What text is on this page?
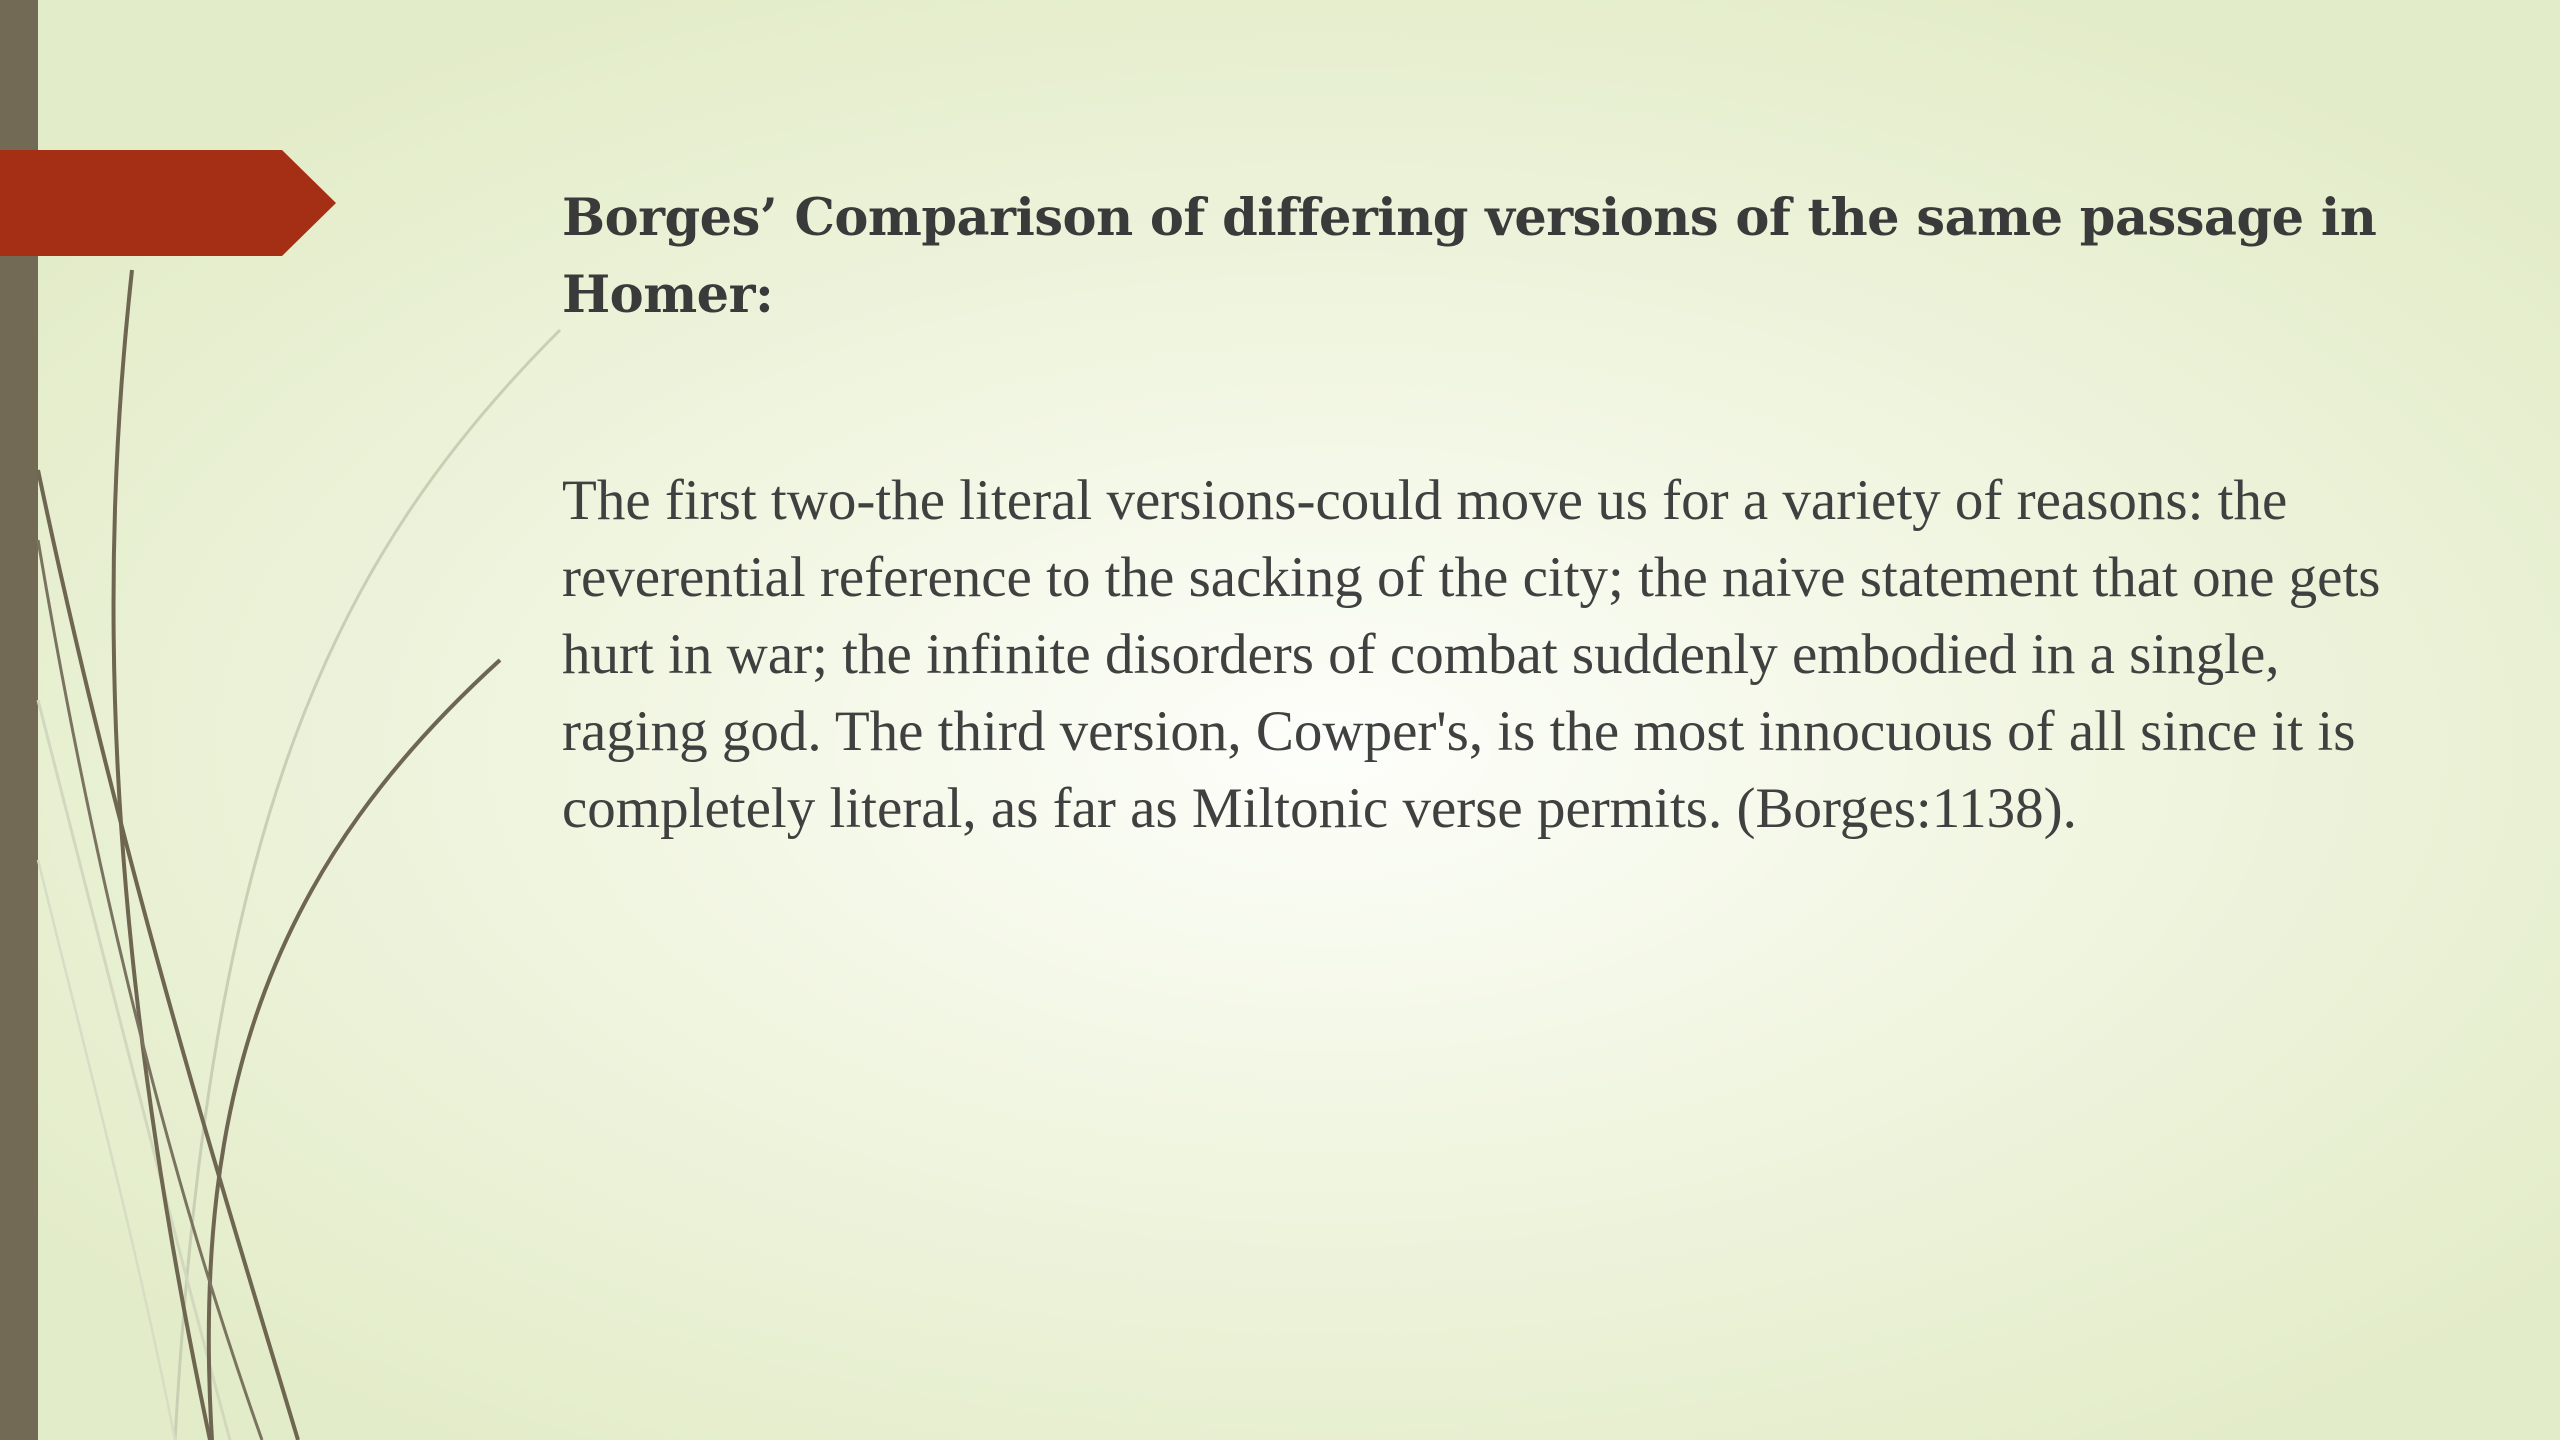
Borges’ Comparison of differing versions of the same passage in Homer:

The first two-the literal versions-could move us for a variety of reasons: the reverential reference to the sacking of the city; the naive statement that one gets hurt in war; the infinite disorders of combat suddenly embodied in a single, raging god. The third version, Cowper's, is the most innocuous of all since it is completely literal, as far as Miltonic verse permits. (Borges:1138).
